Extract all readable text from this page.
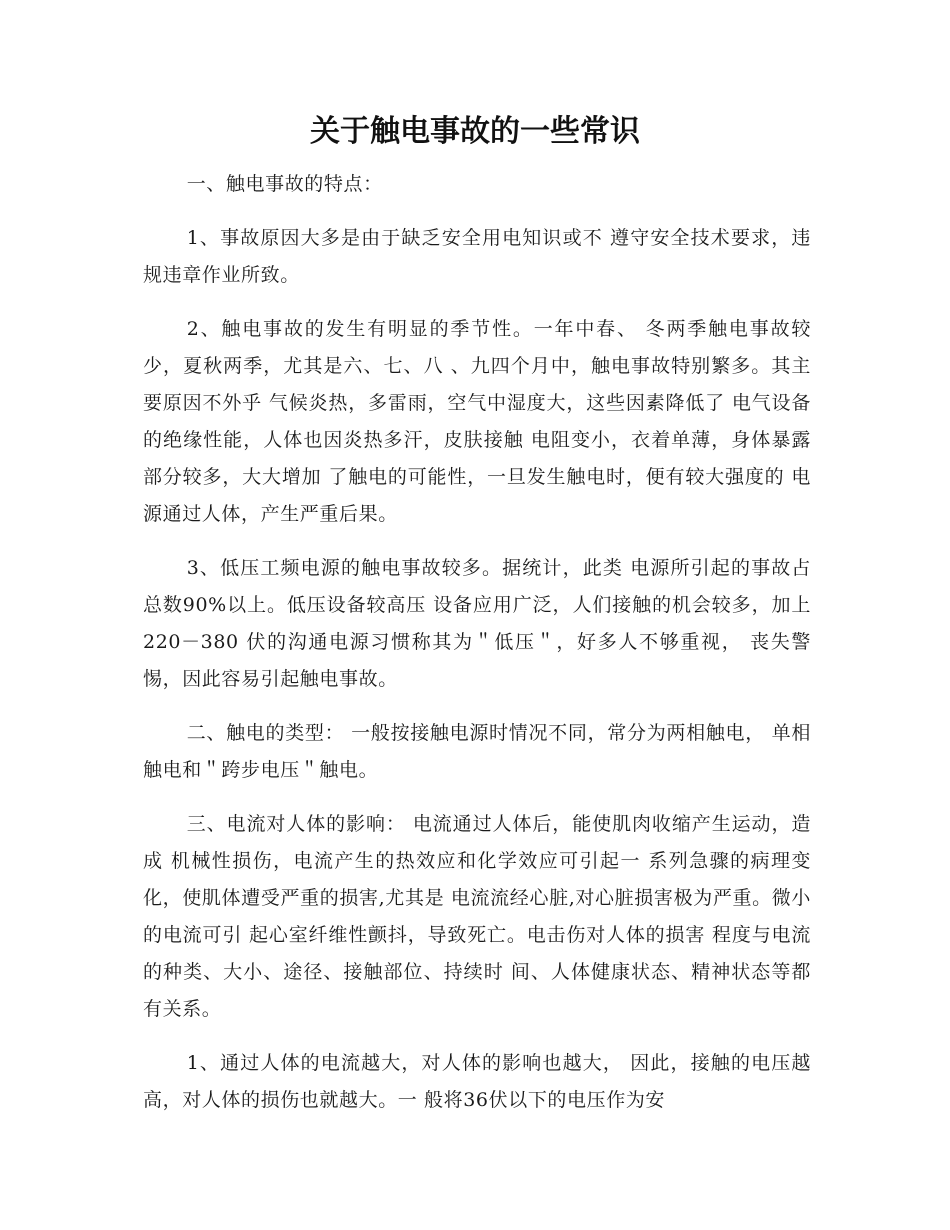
关于触电事故的一些常识

一、触电事故的特点：

1、事故原因大多是由于缺乏安全用电知识或不 遵守安全技术要求，违规违章作业所致。

2、触电事故的发生有明显的季节性。一年中春、 冬两季触电事故较少，夏秋两季，尤其是六、七、八 、九四个月中，触电事故特别繁多。其主要原因不外乎 气候炎热，多雷雨，空气中湿度大，这些因素降低了 电气设备的绝缘性能，人体也因炎热多汗，皮肤接触 电阻变小，衣着单薄，身体暴露部分较多，大大增加 了触电的可能性，一旦发生触电时，便有较大强度的 电源通过人体，产生严重后果。

3、低压工频电源的触电事故较多。据统计，此类 电源所引起的事故占总数90%以上。低压设备较高压 设备应用广泛，人们接触的机会较多，加上220－380 伏的沟通电源习惯称其为＂低压＂，好多人不够重视， 丧失警惕，因此容易引起触电事故。

二、触电的类型： 一般按接触电源时情况不同，常分为两相触电， 单相触电和＂跨步电压＂触电。

三、电流对人体的影响： 电流通过人体后，能使肌肉收缩产生运动，造成 机械性损伤，电流产生的热效应和化学效应可引起一 系列急骤的病理变化，使肌体遭受严重的损害,尤其是 电流流经心脏,对心脏损害极为严重。微小的电流可引 起心室纤维性颤抖，导致死亡。电击伤对人体的损害 程度与电流的种类、大小、途径、接触部位、持续时 间、人体健康状态、精神状态等都有关系。

1、通过人体的电流越大，对人体的影响也越大， 因此，接触的电压越高，对人体的损伤也就越大。一 般将36伏以下的电压作为安
